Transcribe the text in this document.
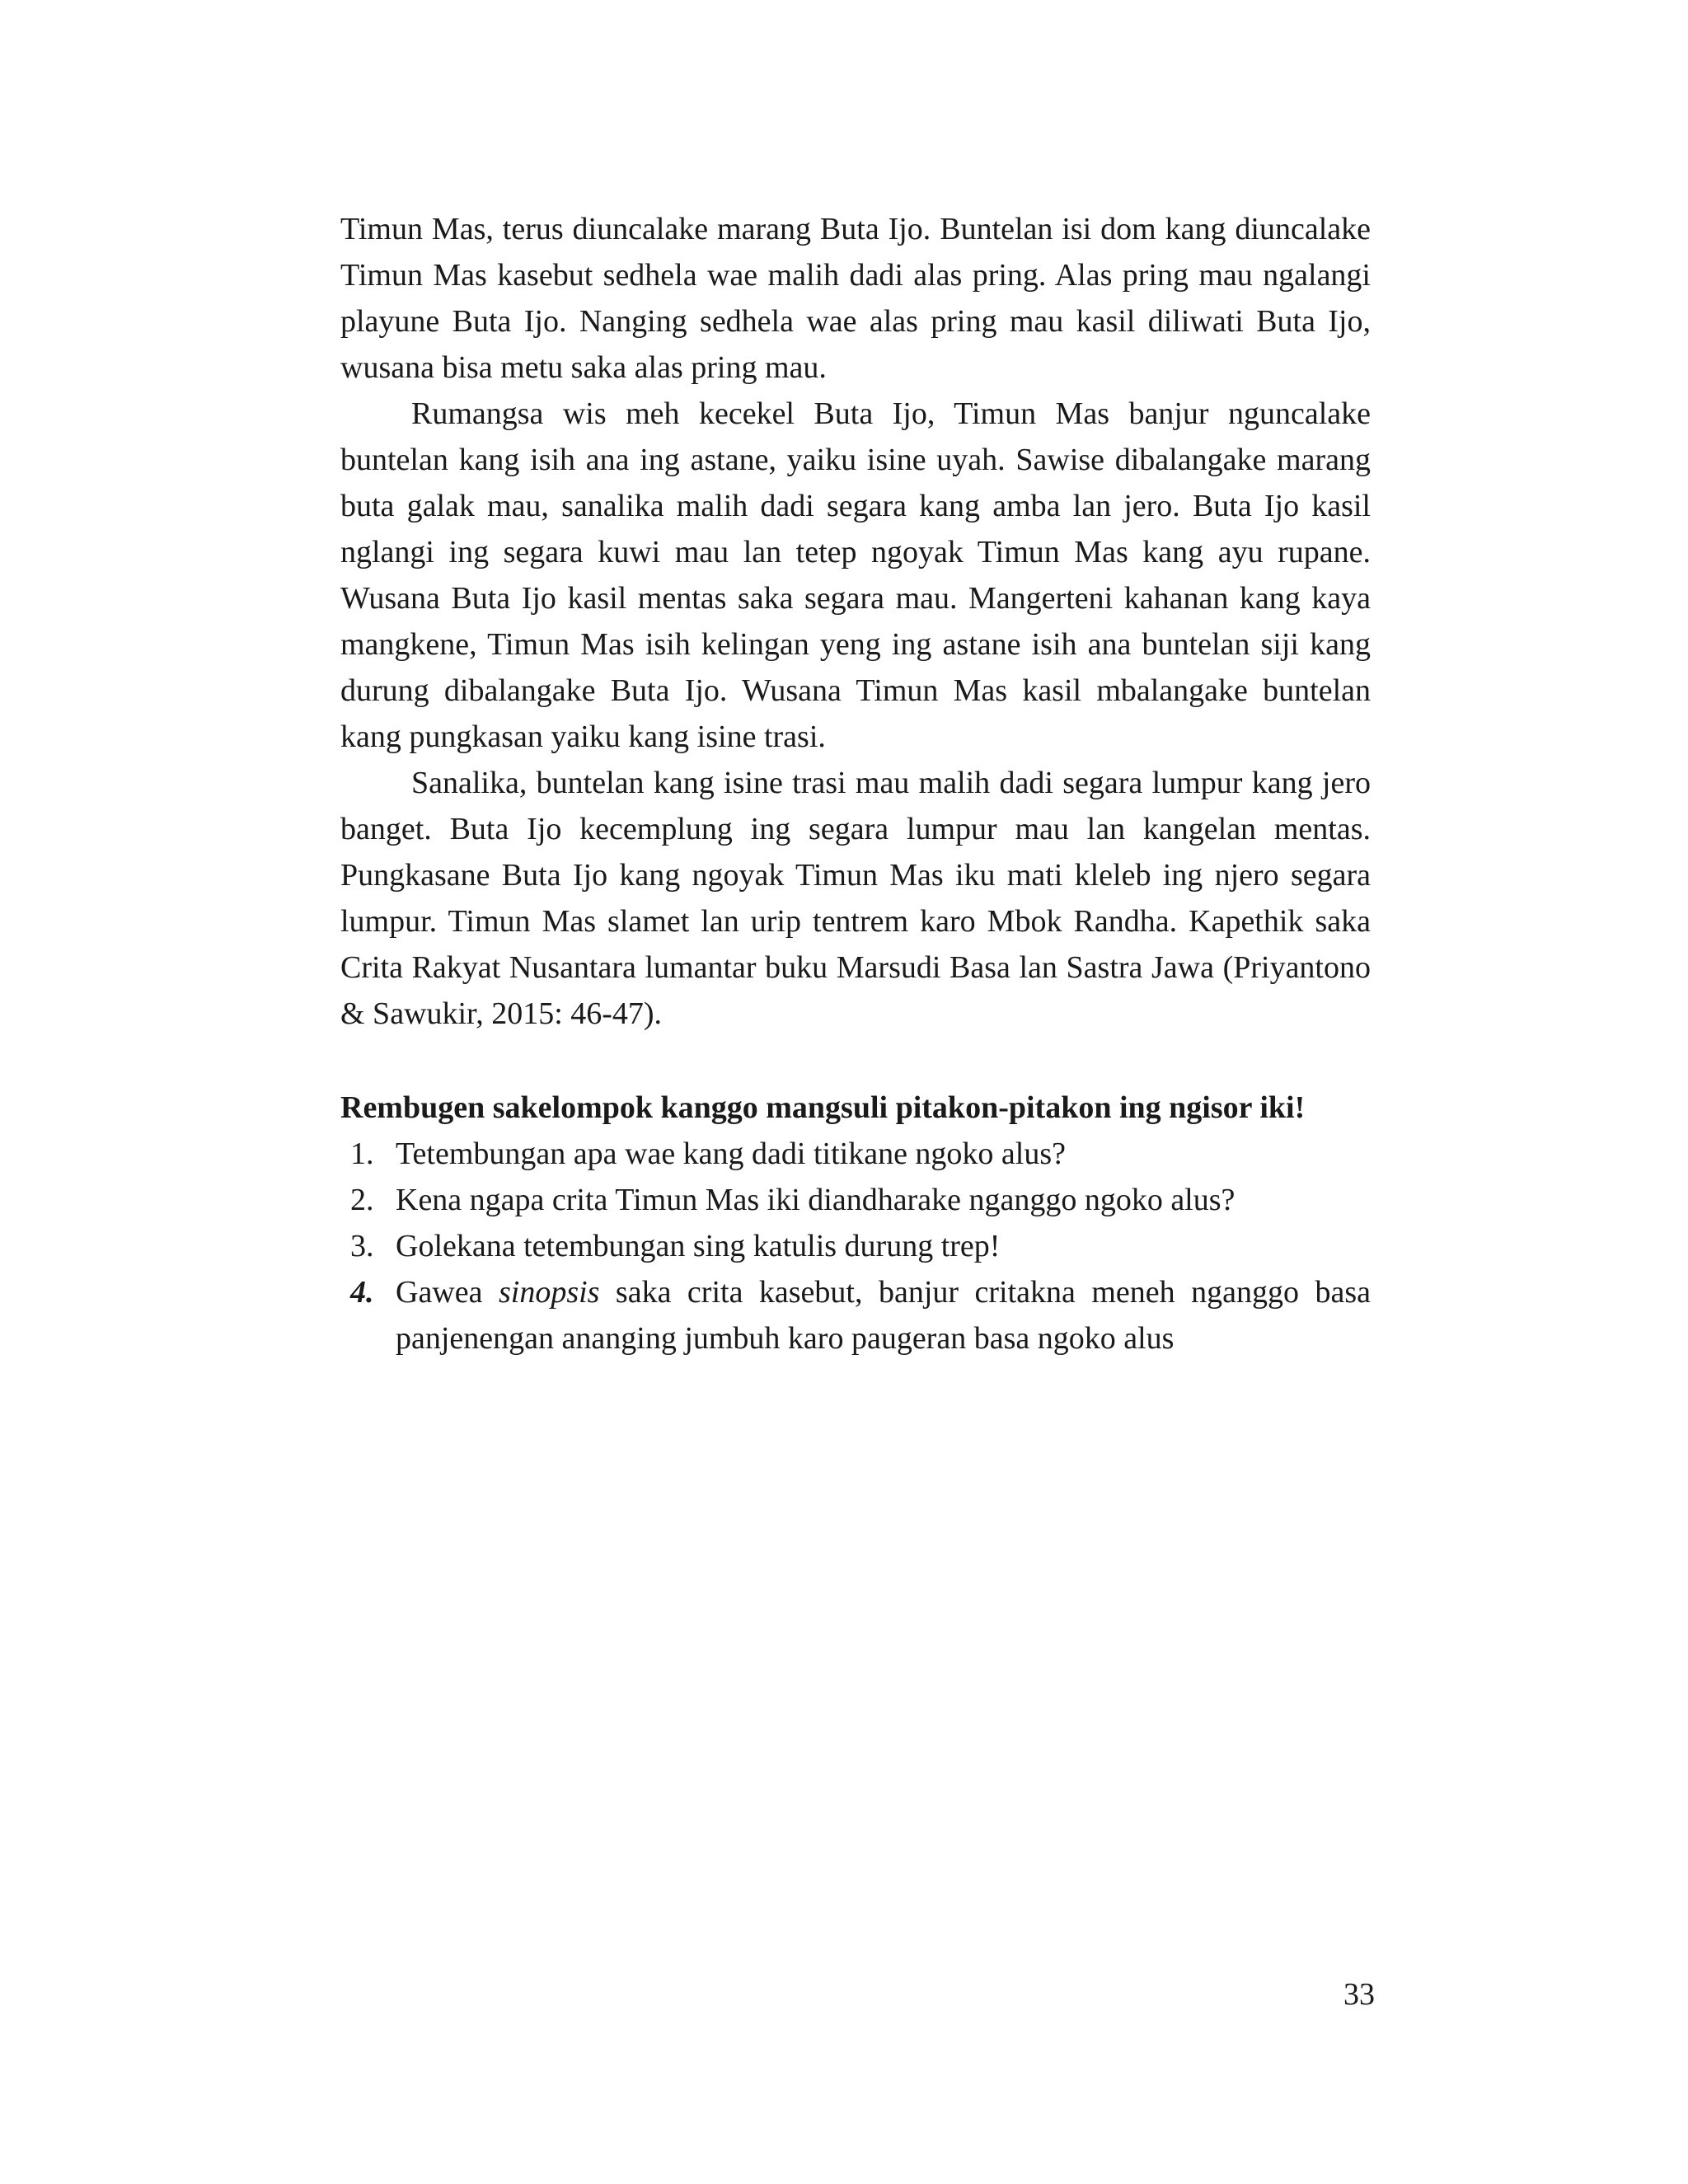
Timun Mas, terus diuncalake marang Buta Ijo. Buntelan isi dom kang diuncalake Timun Mas kasebut sedhela wae malih dadi alas pring. Alas pring mau ngalangi playune Buta Ijo. Nanging sedhela wae alas pring mau kasil diliwati Buta Ijo, wusana bisa metu saka alas pring mau.

Rumangsa wis meh kecekel Buta Ijo, Timun Mas banjur nguncalake buntelan kang isih ana ing astane, yaiku isine uyah. Sawise dibalangake marang buta galak mau, sanalika malih dadi segara kang amba lan jero. Buta Ijo kasil nglangi ing segara kuwi mau lan tetep ngoyak Timun Mas kang ayu rupane. Wusana Buta Ijo kasil mentas saka segara mau. Mangerteni kahanan kang kaya mangkene, Timun Mas isih kelingan yeng ing astane isih ana buntelan siji kang durung dibalangake Buta Ijo. Wusana Timun Mas kasil mbalangake buntelan kang pungkasan yaiku kang isine trasi.

Sanalika, buntelan kang isine trasi mau malih dadi segara lumpur kang jero banget. Buta Ijo kecemplung ing segara lumpur mau lan kangelan mentas. Pungkasane Buta Ijo kang ngoyak Timun Mas iku mati kleleb ing njero segara lumpur. Timun Mas slamet lan urip tentrem karo Mbok Randha. Kapethik saka Crita Rakyat Nusantara lumantar buku Marsudi Basa lan Sastra Jawa (Priyantono & Sawukir, 2015: 46-47).

Rembugen sakelompok kanggo mangsuli pitakon-pitakon ing ngisor iki!

1. Tetembungan apa wae kang dadi titikane ngoko alus?
2. Kena ngapa crita Timun Mas iki diandharake nganggo ngoko alus?
3. Golekana tetembungan sing katulis durung trep!
4. Gawea sinopsis saka crita kasebut, banjur critakna meneh nganggo basa panjenengan ananging jumbuh karo paugeran basa ngoko alus
33
